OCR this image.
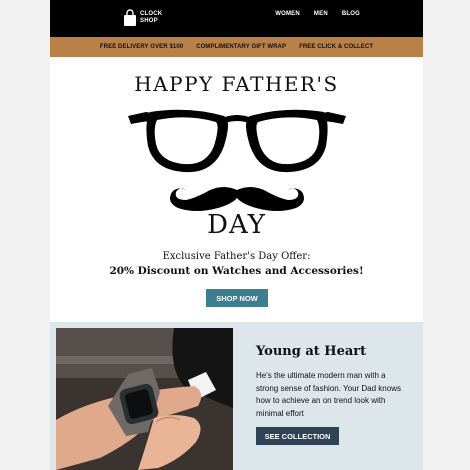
CLOCK
SHOP
WOMEN MEN BLOG
FREE DELIVERY OVER $100 COMPLIMENTARY GIFT WRAP FREE CLICK & COLLECT
HAPPY FATHER'S
DAY
Exclusive Father's Day Offer:
20% Discount on Watches and Accessories!
SHOP NOW
Young at Heart
He's the ultimate modern man with a strong sense of fashion. Your Dad knows how to achieve an on trend look with minimal effort
SEE COLLECTION
